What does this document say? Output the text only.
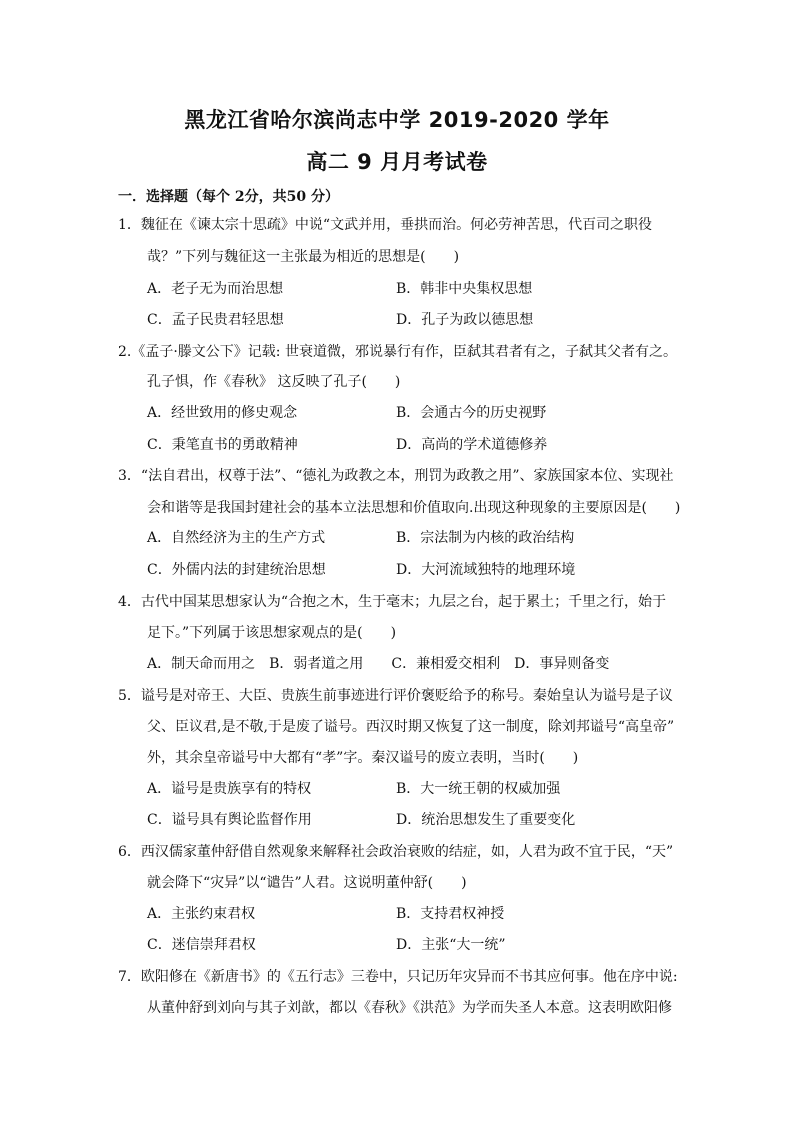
黑龙江省哈尔滨尚志中学 2019-2020 学年
高二 9 月月考试卷
一．选择题（每个 2分，共50 分）
1．魏征在《谏太宗十思疏》中说“文武并用，垂拱而治。何必劳神苦思，代百司之职役
哉？”下列与魏征这一主张最为相近的思想是(　　)
A．老子无为而治思想	B．韩非中央集权思想
C．孟子民贵君轻思想	D．孔子为政以德思想
2.《孟子·滕文公下》记载: 世衰道微，邪说暴行有作，臣弑其君者有之，子弑其父者有之。
孔子惧，作《春秋》 这反映了孔子(　　)
A．经世致用的修史观念	B．会通古今的历史视野
C．秉笔直书的勇敢精神	D．高尚的学术道德修养
3．“法自君出，权尊于法”、“德礼为政教之本，刑罚为政教之用”、家族国家本位、实现社
会和谐等是我国封建社会的基本立法思想和价值取向.出现这种现象的主要原因是(　　)
A．自然经济为主的生产方式	B．宗法制为内核的政治结构
C．外儒内法的封建统治思想	D．大河流域独特的地理环境
4．古代中国某思想家认为“合抱之木，生于毫末；九层之台，起于累土；千里之行，始于
足下。”下列属于该思想家观点的是(　　)
A．制天命而用之　B．弱者道之用　　C．兼相爱交相利　D．事异则备变
5．谥号是对帝王、大臣、贵族生前事迹进行评价褒贬给予的称号。秦始皇认为谥号是子议
父、臣议君,是不敬,于是废了谥号。西汉时期又恢复了这一制度，除刘邦谥号“高皇帝”
外，其余皇帝谥号中大都有“孝”字。秦汉谥号的废立表明，当时(　　)
A．谥号是贵族享有的特权	B．大一统王朝的权威加强
C．谥号具有舆论监督作用	D．统治思想发生了重要变化
6．西汉儒家董仲舒借自然观象来解释社会政治衰败的结症，如，人君为政不宜于民，“天”
就会降下“灾异”以“谴告”人君。这说明董仲舒(　　)
A．主张约束君权	B．支持君权神授
C．迷信崇拜君权	D．主张“大一统”
7．欧阳修在《新唐书》的《五行志》三卷中，只记历年灾异而不书其应何事。他在序中说:
从董仲舒到刘向与其子刘歆，都以《春秋》《洪范》为学而失圣人本意。这表明欧阳修
